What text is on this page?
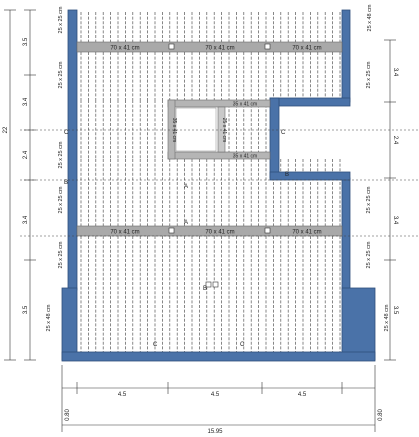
70 x 41 cm	70 x 41 cm	70 x 41 cm
70 x 41 cm	70 x 41 cm	70 x 41 cm
35 x 41 cm
35 x 41 cm
35 x 41 cm	25 x 41 cm
25 x 25 cm
25 x 25 cm
25 x 25 cm
25 x 25 cm
25 x 25 cm
25 x 48 cm
25 x 25 cm
25 x 25 cm
25 x 25 cm
25 x 48 cm
25 x 48 cm
C	C
B
B
A
A
C	C
B
3.5
3.4
2.4
3.4
3.5
22
3.4
2.4
3.4
3.5
4.5	4.5	4.5
15.95
0.80	0.80
